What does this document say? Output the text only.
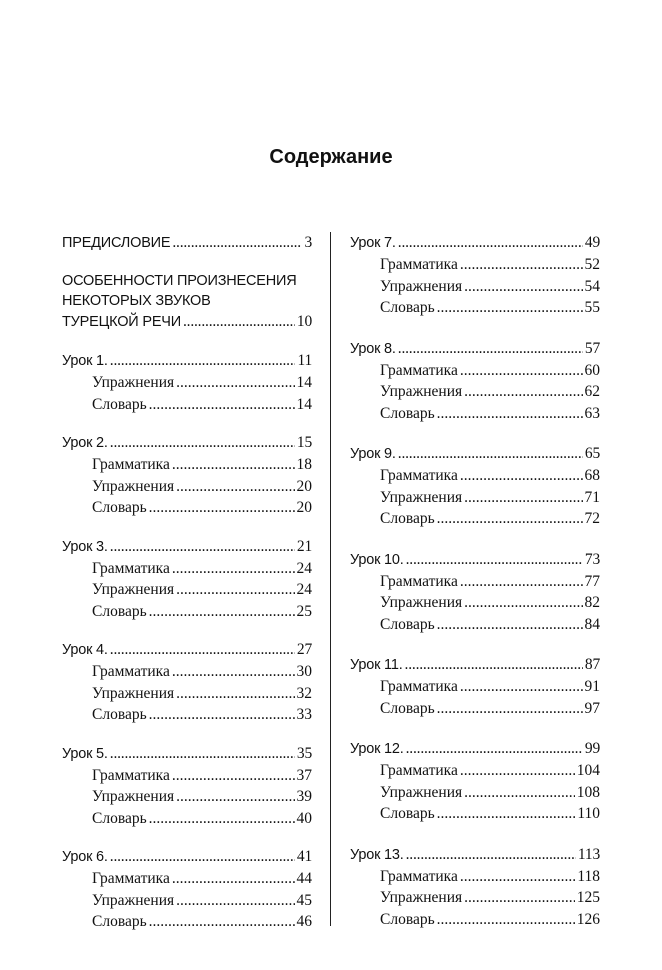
Содержание
ПРЕДИСЛОВИЕ .....	3
ОСОБЕННОСТИ ПРОИЗНЕСЕНИЯ
НЕКОТОРЫХ ЗВУКОВ
ТУРЕЦКОЙ РЕЧИ .....	10
Урок 1. .....	11
Упражнения .....	14
Словарь .....	14
Урок 2. .....	15
Грамматика .....	18
Упражнения .....	20
Словарь .....	20
Урок 3. .....	21
Грамматика .....	24
Упражнения .....	24
Словарь .....	25
Урок 4. .....	27
Грамматика .....	30
Упражнения .....	32
Словарь .....	33
Урок 5. .....	35
Грамматика .....	37
Упражнения .....	39
Словарь .....	40
Урок 6. .....	41
Грамматика .....	44
Упражнения .....	45
Словарь .....	46
Урок 7. .....	49
Грамматика .....	52
Упражнения .....	54
Словарь .....	55
Урок 8. .....	57
Грамматика .....	60
Упражнения .....	62
Словарь .....	63
Урок 9. .....	65
Грамматика .....	68
Упражнения .....	71
Словарь .....	72
Урок 10. .....	73
Грамматика .....	77
Упражнения .....	82
Словарь .....	84
Урок 11. .....	87
Грамматика .....	91
Словарь .....	97
Урок 12. .....	99
Грамматика .....	104
Упражнения .....	108
Словарь .....	110
Урок 13. .....	113
Грамматика .....	118
Упражнения .....	125
Словарь .....	126
